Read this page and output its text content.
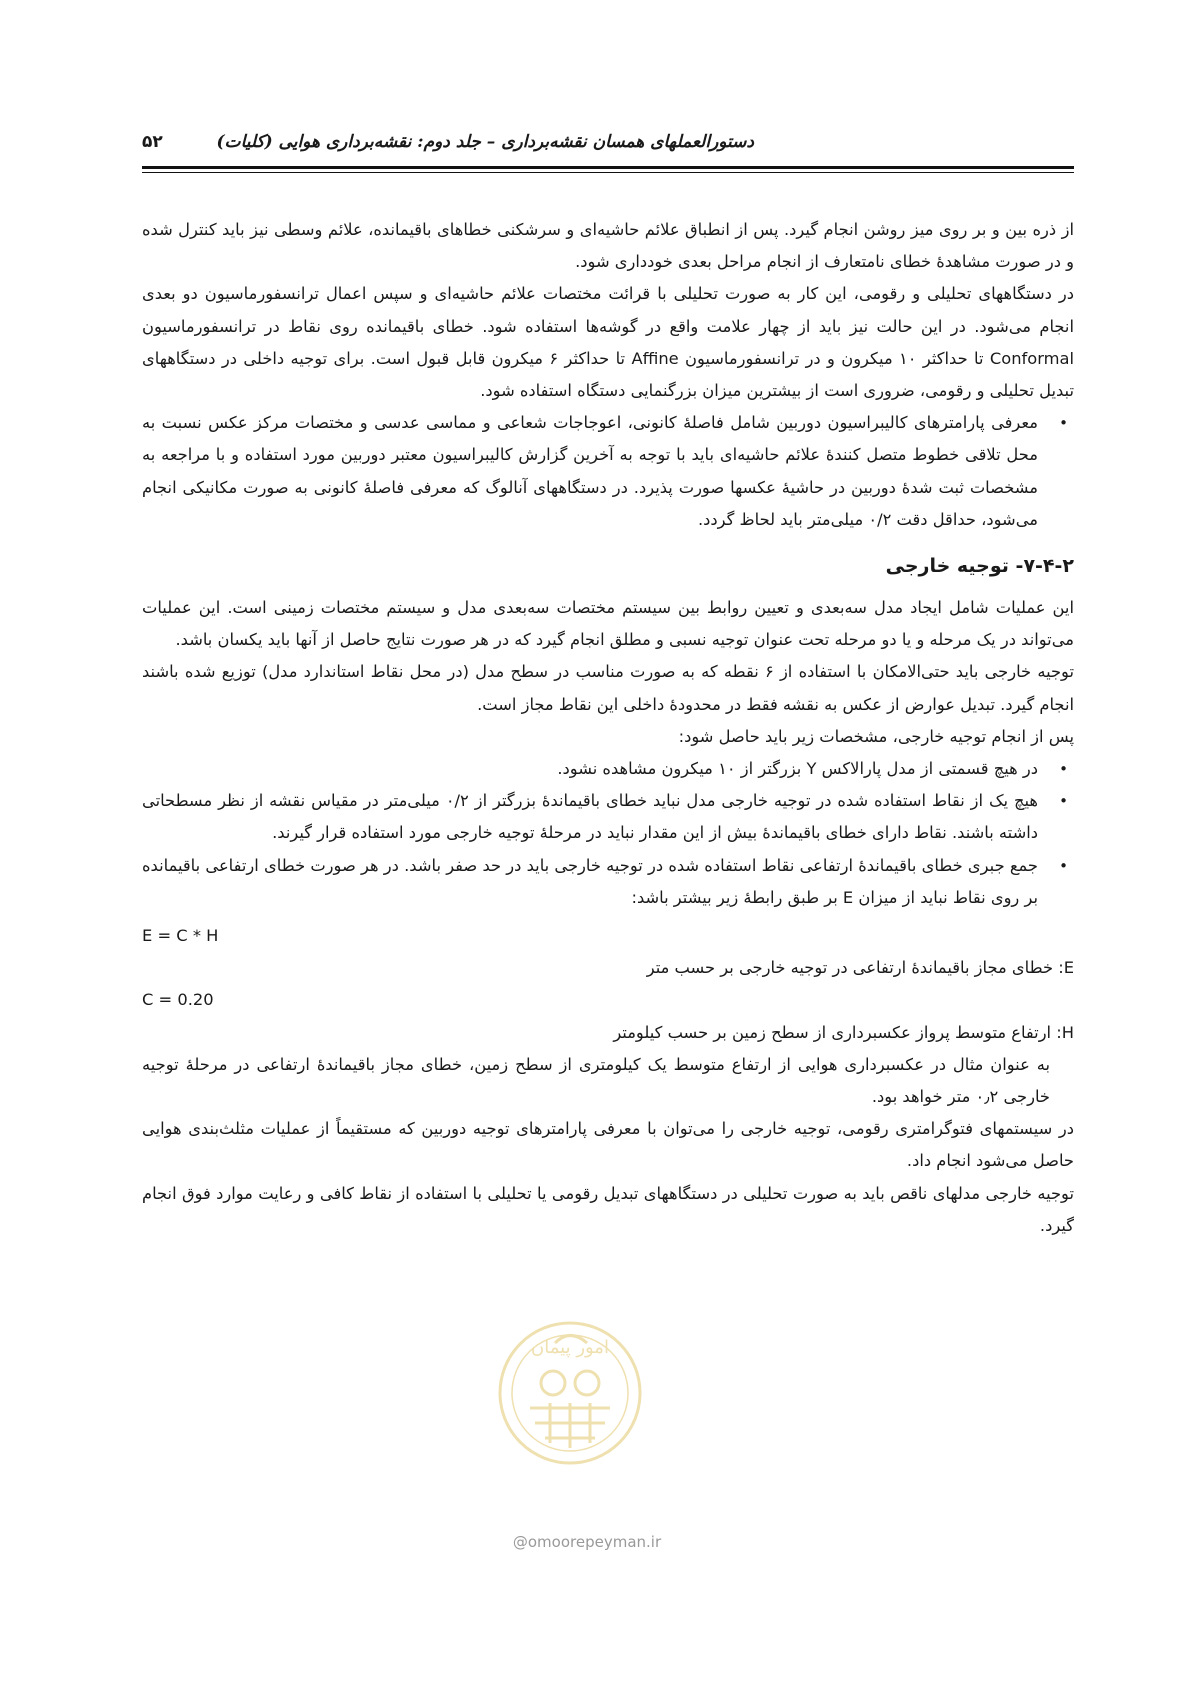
دستورالعملهای همسان نقشه‌برداری – جلد دوم: نقشه‌برداری هوایی (کلیات)
۵۲

از ذره بین و بر روی میز روشن انجام گیرد. پس از انطباق علائم حاشیه‌ای و سرشکنی خطاهای باقیمانده، علائم وسطی نیز باید کنترل شده و در صورت مشاهدهٔ خطای نامتعارف از انجام مراحل بعدی خودداری شود.

در دستگاههای تحلیلی و رقومی، این کار به صورت تحلیلی با قرائت مختصات علائم حاشیه‌ای و سپس اعمال ترانسفورماسیون دو بعدی انجام می‌شود. در این حالت نیز باید از چهار علامت واقع در گوشه‌ها استفاده شود. خطای باقیمانده روی نقاط در ترانسفورماسیون Conformal تا حداکثر ۱۰ میکرون و در ترانسفورماسیون Affine تا حداکثر ۶ میکرون قابل قبول است. برای توجیه داخلی در دستگاههای تبدیل تحلیلی و رقومی، ضروری است از بیشترین میزان بزرگنمایی دستگاه استفاده شود.

• معرفی پارامترهای کالیبراسیون دوربین شامل فاصلهٔ کانونی، اعوجاجات شعاعی و مماسی عدسی و مختصات مرکز عکس نسبت به محل تلاقی خطوط متصل کنندهٔ علائم حاشیه‌ای باید با توجه به آخرین گزارش کالیبراسیون معتبر دوربین مورد استفاده و با مراجعه به مشخصات ثبت شدهٔ دوربین در حاشیهٔ عکسها صورت پذیرد. در دستگاههای آنالوگ که معرفی فاصلهٔ کانونی به صورت مکانیکی انجام می‌شود، حداقل دقت ۰/۲ میلی‌متر باید لحاظ گردد.

۷-۴-۲- توجیه خارجی

این عملیات شامل ایجاد مدل سه‌بعدی و تعیین روابط بین سیستم مختصات سه‌بعدی مدل و سیستم مختصات زمینی است. این عملیات می‌تواند در یک مرحله و یا دو مرحله تحت عنوان توجیه نسبی و مطلق انجام گیرد که در هر صورت نتایج حاصل از آنها باید یکسان باشد.

توجیه خارجی باید حتی‌الامکان با استفاده از ۶ نقطه که به صورت مناسب در سطح مدل (در محل نقاط استاندارد مدل) توزیع شده باشند انجام گیرد. تبدیل عوارض از عکس به نقشه فقط در محدودهٔ داخلی این نقاط مجاز است.

پس از انجام توجیه خارجی، مشخصات زیر باید حاصل شود:

• در هیچ قسمتی از مدل پارالاکس Y بزرگتر از ۱۰ میکرون مشاهده نشود.

• هیچ یک از نقاط استفاده شده در توجیه خارجی مدل نباید خطای باقیماندهٔ بزرگتر از ۰/۲ میلی‌متر در مقیاس نقشه از نظر مسطحاتی داشته باشند. نقاط دارای خطای باقیماندهٔ بیش از این مقدار نباید در مرحلهٔ توجیه خارجی مورد استفاده قرار گیرند.

• جمع جبری خطای باقیماندهٔ ارتفاعی نقاط استفاده شده در توجیه خارجی باید در حد صفر باشد. در هر صورت خطای ارتفاعی باقیمانده بر روی نقاط نباید از میزان E بر طبق رابطهٔ زیر بیشتر باشد:

E = C * H

E: خطای مجاز باقیماندهٔ ارتفاعی در توجیه خارجی بر حسب متر

C = 0.20

H: ارتفاع متوسط پرواز عکسبرداری از سطح زمین بر حسب کیلومتر

به عنوان مثال در عکسبرداری هوایی از ارتفاع متوسط یک کیلومتری از سطح زمین، خطای مجاز باقیماندهٔ ارتفاعی در مرحلهٔ توجیه خارجی ۰٫۲ متر خواهد بود.

در سیستمهای فتوگرامتری رقومی، توجیه خارجی را می‌توان با معرفی پارامترهای توجیه دوربین که مستقیماً از عملیات مثلث‌بندی هوایی حاصل می‌شود انجام داد.

توجیه خارجی مدلهای ناقص باید به صورت تحلیلی در دستگاههای تبدیل رقومی یا تحلیلی با استفاده از نقاط کافی و رعایت موارد فوق انجام گیرد.

امور پیمان
@omoorepeyman.ir
